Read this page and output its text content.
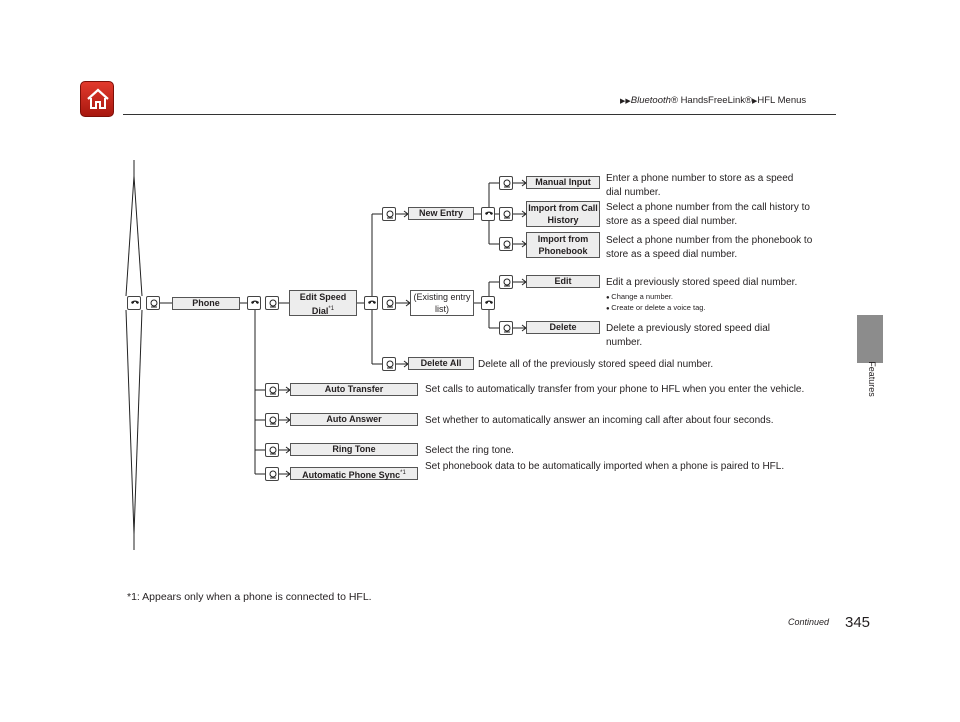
▶▶Bluetooth® HandsFreeLink®▶HFL Menus
Features
Phone
Edit Speed Dial$^{*1}$
New Entry
(Existing entry list)
Delete All
Manual Input
Import from Call History
Import from Phonebook
Edit
Delete
Auto Transfer
Auto Answer
Ring Tone
Automatic Phone Sync$^{*1}$
Enter a phone number to store as a speed dial number.
Select a phone number from the call history to store as a speed dial number.
Select a phone number from the phonebook to store as a speed dial number.
Edit a previously stored speed dial number.
● Change a number.
● Create or delete a voice tag.
Delete a previously stored speed dial number.
Delete all of the previously stored speed dial number.
Set calls to automatically transfer from your phone to HFL when you enter the vehicle.
Set whether to automatically answer an incoming call after about four seconds.
Select the ring tone.
Set phonebook data to be automatically imported when a phone is paired to HFL.
*1: Appears only when a phone is connected to HFL.
Continued 345
